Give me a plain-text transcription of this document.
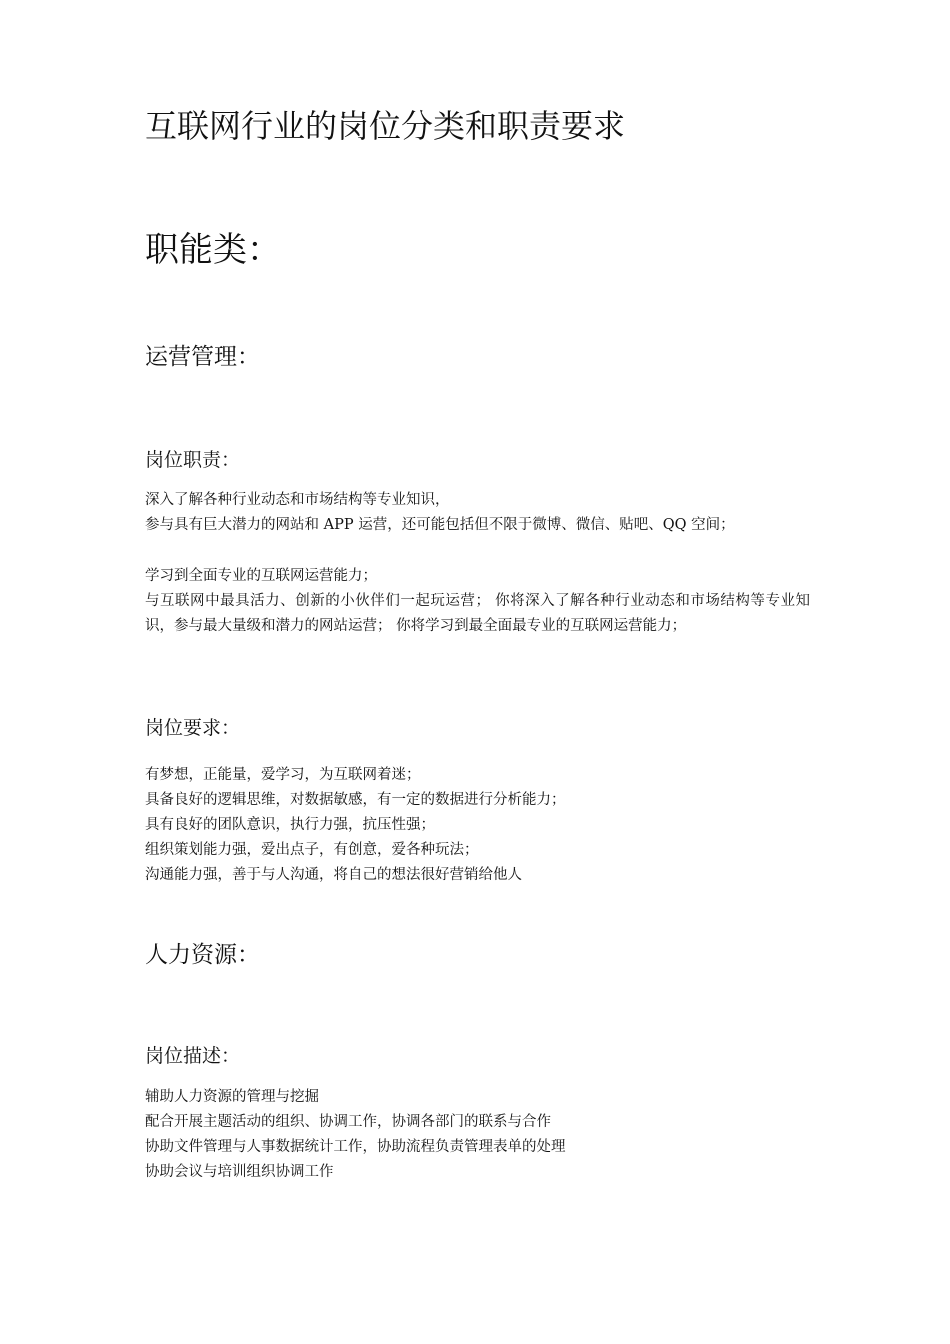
互联网行业的岗位分类和职责要求
职能类：
运营管理：
岗位职责：
深入了解各种行业动态和市场结构等专业知识，
参与具有巨大潜力的网站和 APP 运营，还可能包括但不限于微博、微信、贴吧、QQ 空间；

学习到全面专业的互联网运营能力；

与互联网中最具活力、创新的小伙伴们一起玩运营； 你将深入了解各种行业动态和市场结构等专业知识，参与最大量级和潜力的网站运营； 你将学习到最全面最专业的互联网运营能力；

岗位要求：
有梦想，正能量，爱学习，为互联网着迷；
具备良好的逻辑思维，对数据敏感，有一定的数据进行分析能力；
具有良好的团队意识，执行力强，抗压性强；
组织策划能力强，爱出点子，有创意，爱各种玩法；
沟通能力强，善于与人沟通，将自己的想法很好营销给他人
人力资源：
岗位描述：
辅助人力资源的管理与挖掘
配合开展主题活动的组织、协调工作，协调各部门的联系与合作
协助文件管理与人事数据统计工作，协助流程负责管理表单的处理
协助会议与培训组织协调工作
